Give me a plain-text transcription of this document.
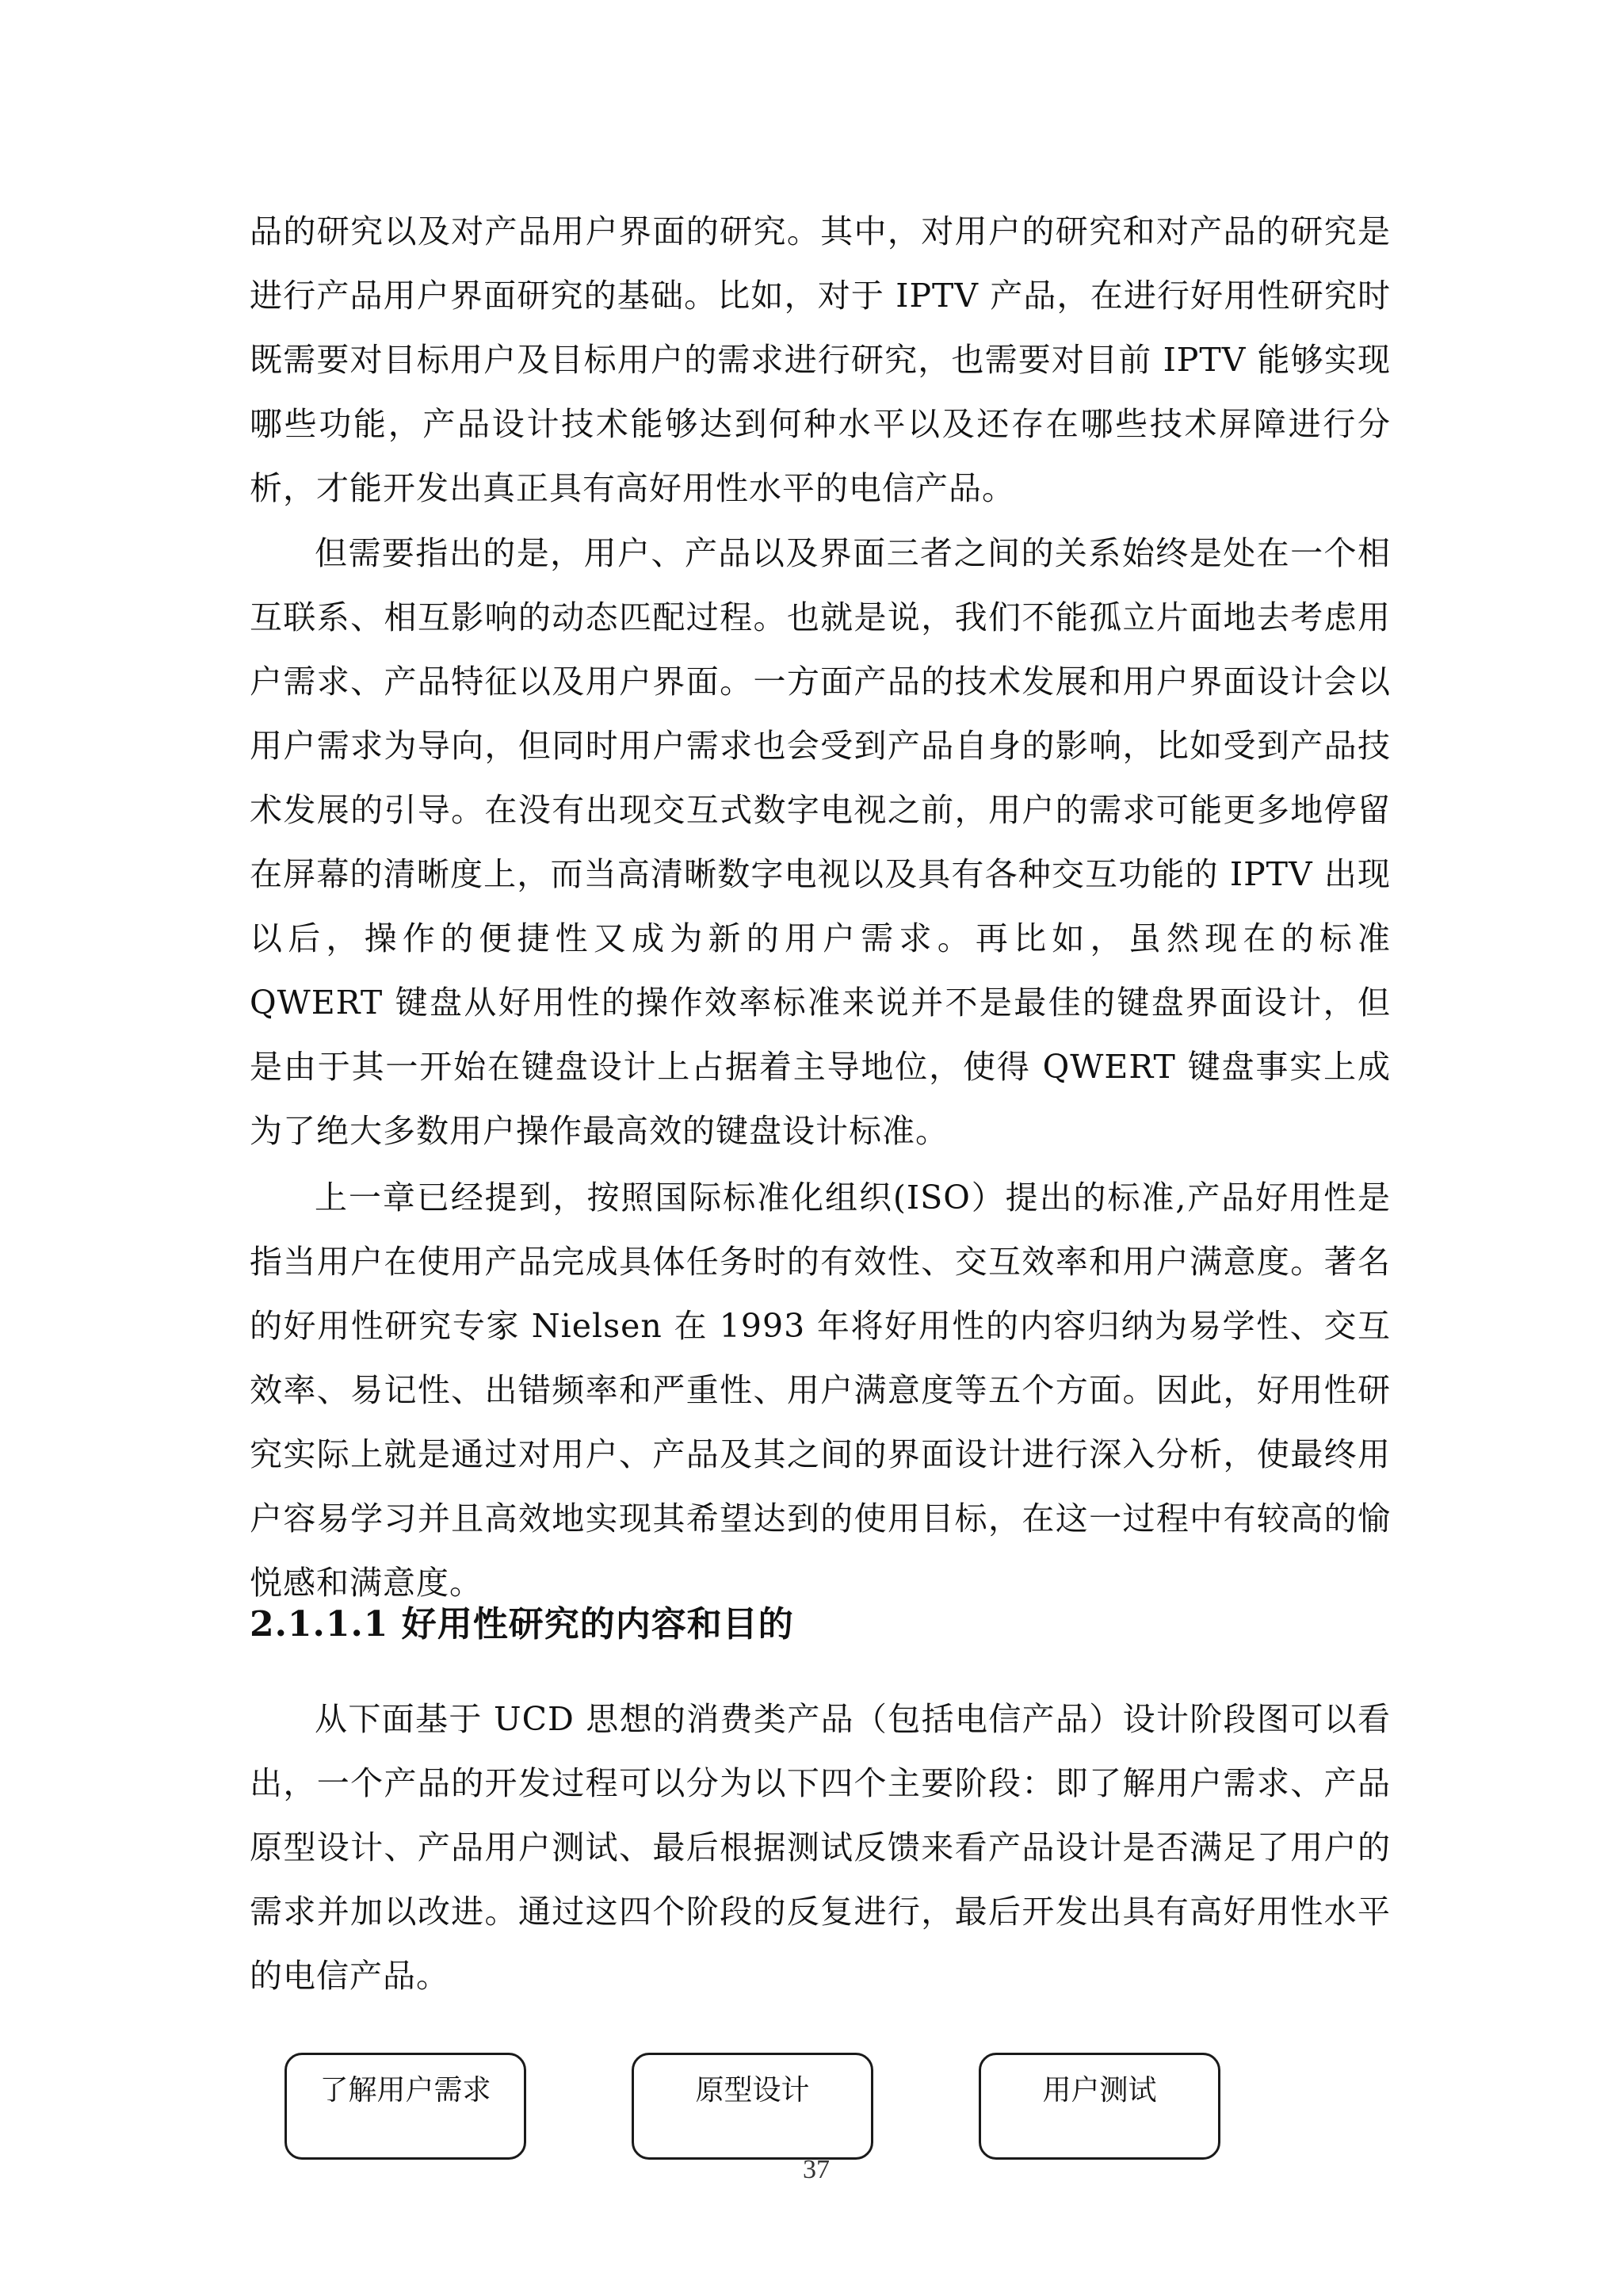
品的研究以及对产品用户界面的研究。其中，对用户的研究和对产品的研究是进行产品用户界面研究的基础。比如，对于 IPTV 产品，在进行好用性研究时既需要对目标用户及目标用户的需求进行研究，也需要对目前 IPTV 能够实现哪些功能，产品设计技术能够达到何种水平以及还存在哪些技术屏障进行分析，才能开发出真正具有高好用性水平的电信产品。

但需要指出的是，用户、产品以及界面三者之间的关系始终是处在一个相互联系、相互影响的动态匹配过程。也就是说，我们不能孤立片面地去考虑用户需求、产品特征以及用户界面。一方面产品的技术发展和用户界面设计会以用户需求为导向，但同时用户需求也会受到产品自身的影响，比如受到产品技术发展的引导。在没有出现交互式数字电视之前，用户的需求可能更多地停留在屏幕的清晰度上，而当高清晰数字电视以及具有各种交互功能的 IPTV 出现以后，操作的便捷性又成为新的用户需求。再比如，虽然现在的标准 QWERT 键盘从好用性的操作效率标准来说并不是最佳的键盘界面设计，但是由于其一开始在键盘设计上占据着主导地位，使得 QWERT 键盘事实上成为了绝大多数用户操作最高效的键盘设计标准。

上一章已经提到，按照国际标准化组织(ISO）提出的标准,产品好用性是指当用户在使用产品完成具体任务时的有效性、交互效率和用户满意度。著名的好用性研究专家 Nielsen 在 1993 年将好用性的内容归纳为易学性、交互效率、易记性、出错频率和严重性、用户满意度等五个方面。因此，好用性研究实际上就是通过对用户、产品及其之间的界面设计进行深入分析，使最终用户容易学习并且高效地实现其希望达到的使用目标，在这一过程中有较高的愉悦感和满意度。

2.1.1.1 好用性研究的内容和目的

从下面基于 UCD 思想的消费类产品（包括电信产品）设计阶段图可以看出，一个产品的开发过程可以分为以下四个主要阶段：即了解用户需求、产品原型设计、产品用户测试、最后根据测试反馈来看产品设计是否满足了用户的需求并加以改进。通过这四个阶段的反复进行，最后开发出具有高好用性水平的电信产品。

了解用户需求	原型设计	用户测试
37
